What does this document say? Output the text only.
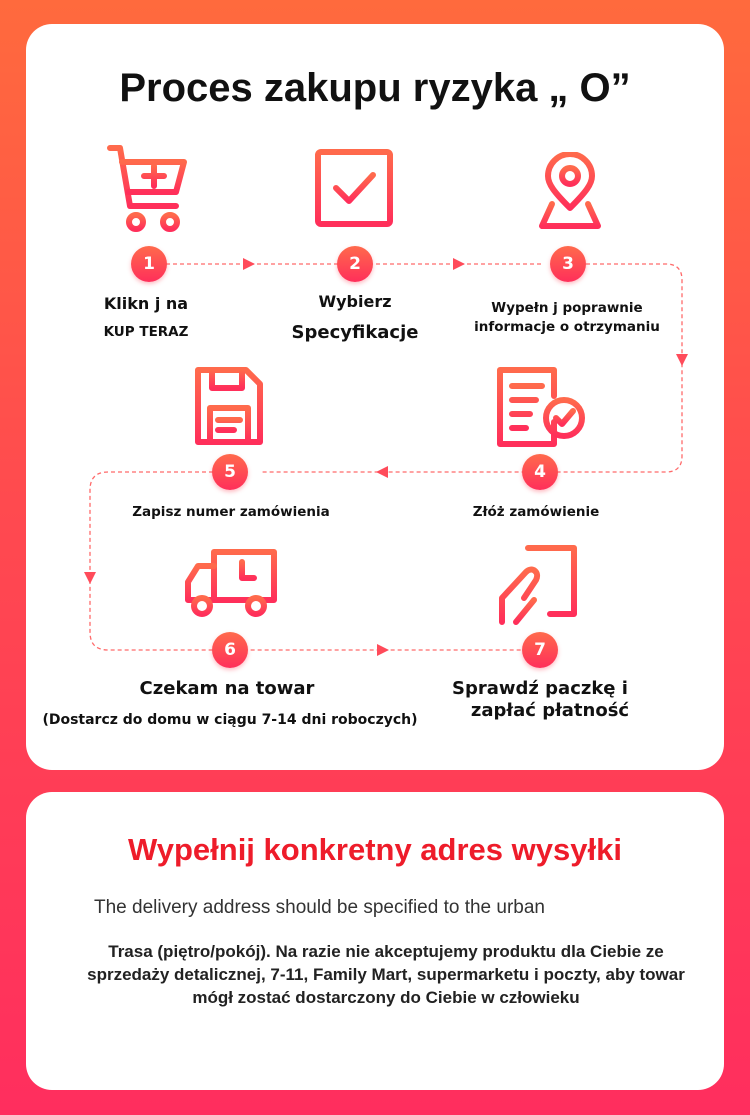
Proces zakupu ryzyka „ O”
1
Klikn j na
KUP TERAZ
2
Wybierz
Specyfikacje
3
Wypełn j poprawnie
informacje o otrzymaniu
5
Zapisz numer zamówienia
4
Złóż zamówienie
6
Czekam na towar
(Dostarcz do domu w ciągu 7-14 dni roboczych)
7
Sprawdź paczkę i
zapłać płatność
Wypełnij konkretny adres wysyłki
The delivery address should be specified to the urban
Trasa (piętro/pokój). Na razie nie akceptujemy produktu dla Ciebie ze sprzedaży detalicznej, 7-11, Family Mart, supermarketu i poczty, aby towar mógł zostać dostarczony do Ciebie w człowieku
